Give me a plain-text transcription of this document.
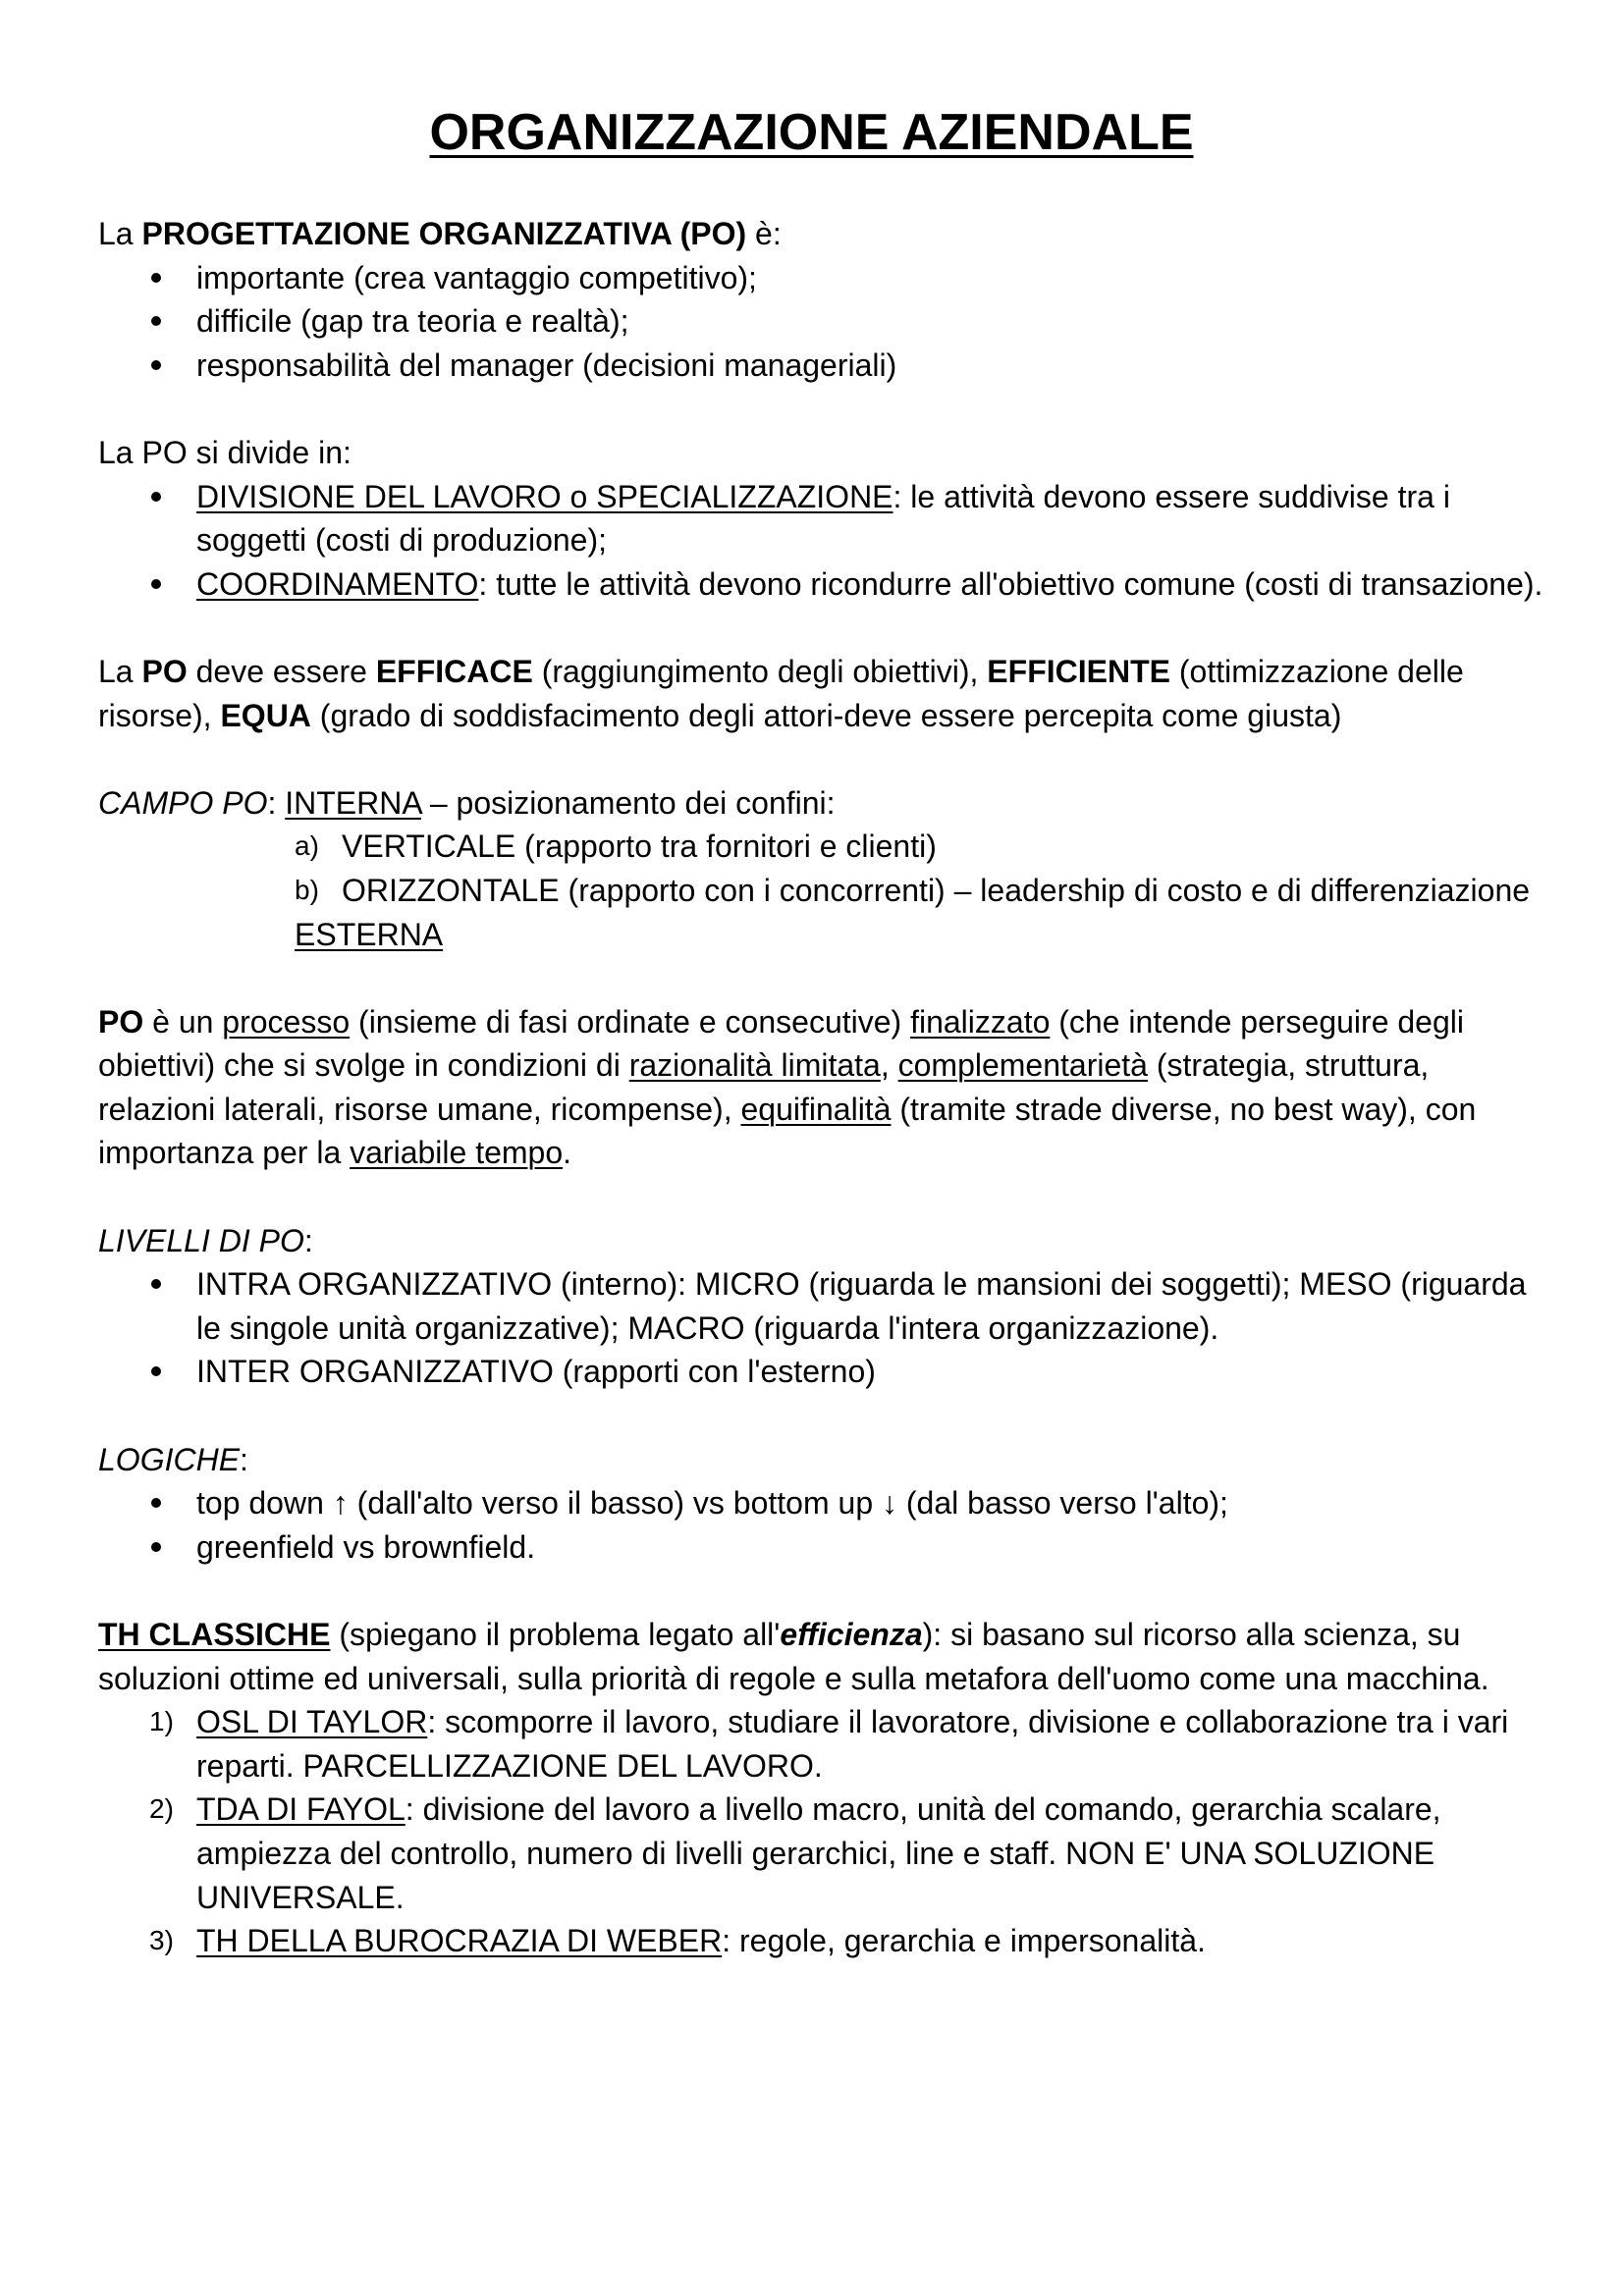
ORGANIZZAZIONE AZIENDALE

La PROGETTAZIONE ORGANIZZATIVA (PO) è:

importante (crea vantaggio competitivo);
difficile (gap tra teoria e realtà);
responsabilità del manager (decisioni manageriali)

La PO si divide in:

DIVISIONE DEL LAVORO o SPECIALIZZAZIONE: le attività devono essere suddivise tra i soggetti (costi di produzione);
COORDINAMENTO: tutte le attività devono ricondurre all'obiettivo comune (costi di transazione).

La PO deve essere EFFICACE (raggiungimento degli obiettivi), EFFICIENTE (ottimizzazione delle risorse), EQUA (grado di soddisfacimento degli attori-deve essere percepita come giusta)

CAMPO PO: INTERNA – posizionamento dei confini:

a) VERTICALE (rapporto tra fornitori e clienti)
b) ORIZZONTALE (rapporto con i concorrenti) – leadership di costo e di differenziazione

ESTERNA

PO è un processo (insieme di fasi ordinate e consecutive) finalizzato (che intende perseguire degli obiettivi) che si svolge in condizioni di razionalità limitata, complementarietà (strategia, struttura, relazioni laterali, risorse umane, ricompense), equifinalità (tramite strade diverse, no best way), con importanza per la variabile tempo.

LIVELLI DI PO:

INTRA ORGANIZZATIVO (interno): MICRO (riguarda le mansioni dei soggetti); MESO (riguarda le singole unità organizzative); MACRO (riguarda l'intera organizzazione).
INTER ORGANIZZATIVO (rapporti con l'esterno)

LOGICHE:

top down ↑ (dall'alto verso il basso) vs bottom up ↓ (dal basso verso l'alto);
greenfield vs brownfield.

TH CLASSICHE (spiegano il problema legato all'efficienza): si basano sul ricorso alla scienza, su soluzioni ottime ed universali, sulla priorità di regole e sulla metafora dell'uomo come una macchina.

1) OSL DI TAYLOR: scomporre il lavoro, studiare il lavoratore, divisione e collaborazione tra i vari reparti. PARCELLIZZAZIONE DEL LAVORO.
2) TDA DI FAYOL: divisione del lavoro a livello macro, unità del comando, gerarchia scalare, ampiezza del controllo, numero di livelli gerarchici, line e staff. NON E' UNA SOLUZIONE UNIVERSALE.
3) TH DELLA BUROCRAZIA DI WEBER: regole, gerarchia e impersonalità.
